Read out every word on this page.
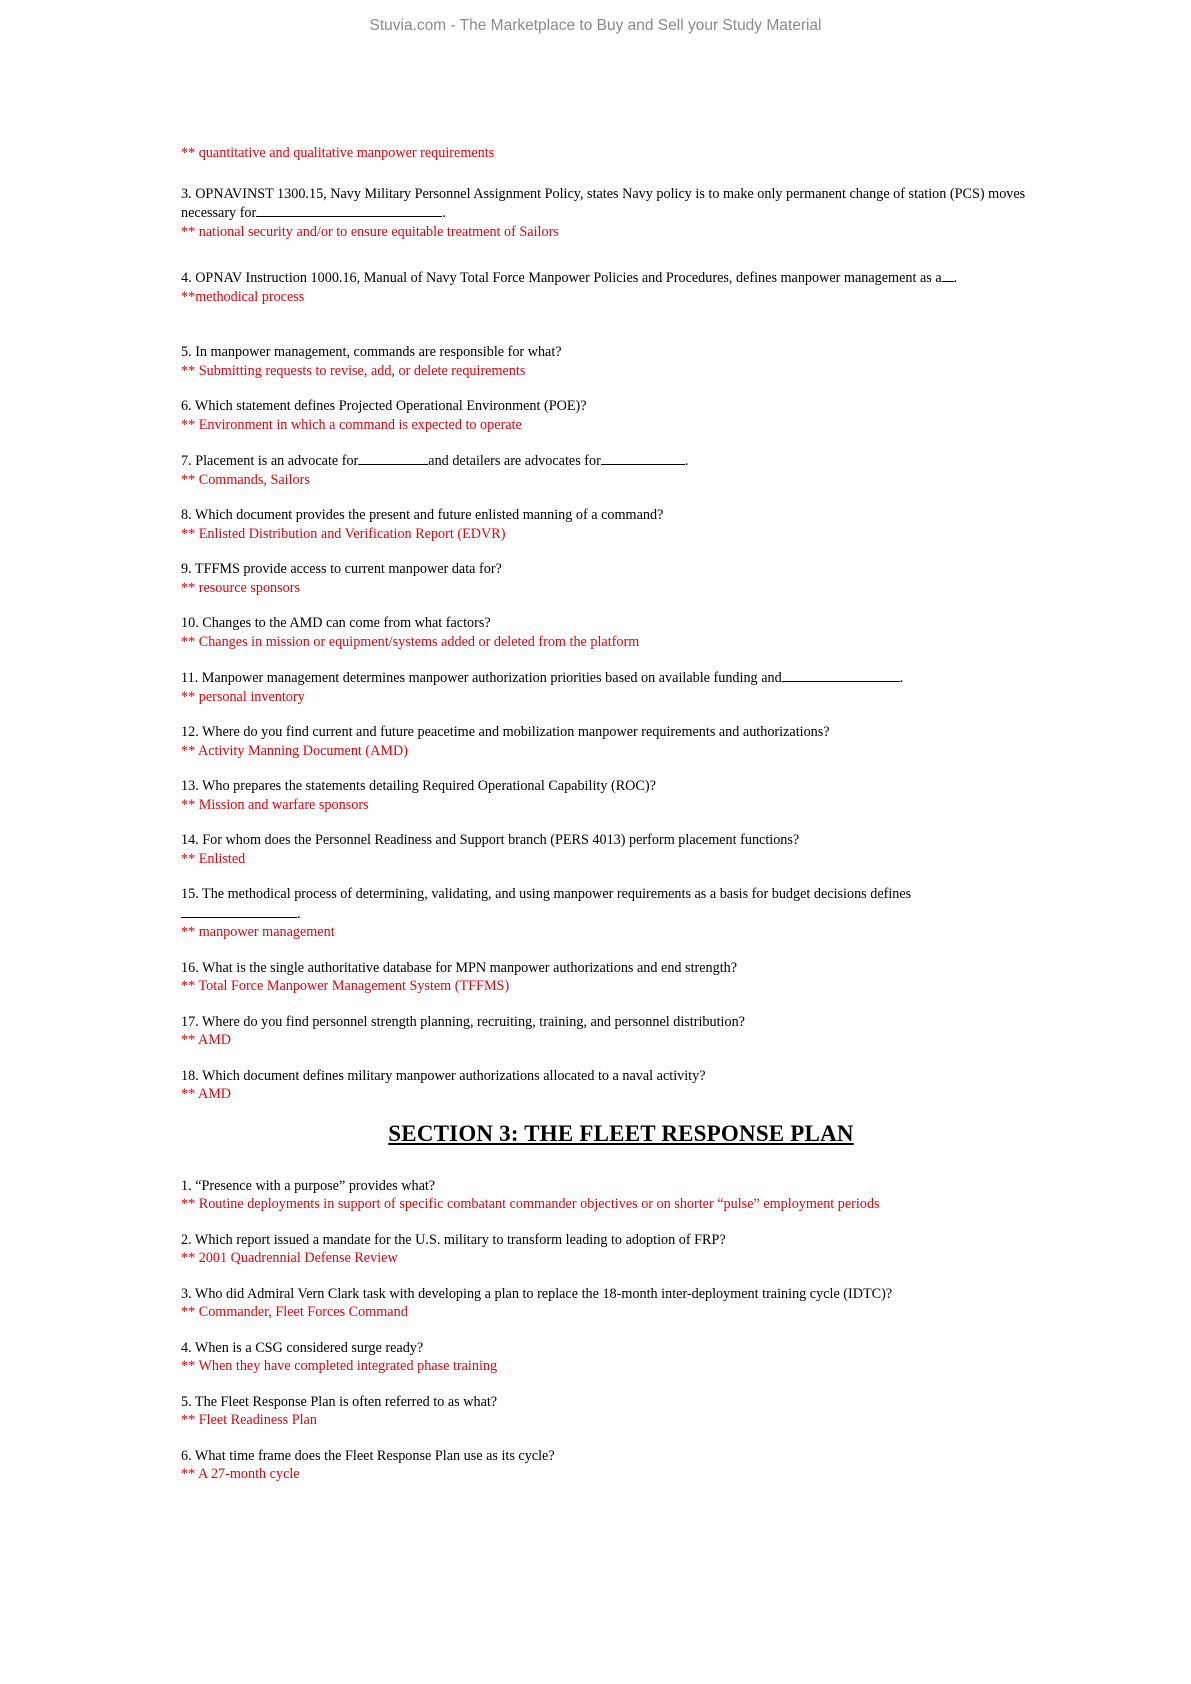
Stuvia.com - The Marketplace to Buy and Sell your Study Material

** quantitative and qualitative manpower requirements

3. OPNAVINST 1300.15, Navy Military Personnel Assignment Policy, states Navy policy is to make only permanent change of station (PCS) moves necessary for	.

** national security and/or to ensure equitable treatment of Sailors

4. OPNAV Instruction 1000.16, Manual of Navy Total Force Manpower Policies and Procedures, defines manpower management as a .

**methodical process

5. In manpower management, commands are responsible for what?

** Submitting requests to revise, add, or delete requirements

6. Which statement defines Projected Operational Environment (POE)?

** Environment in which a command is expected to operate

7. Placement is an advocate for	and detailers are advocates for	.

** Commands, Sailors

8. Which document provides the present and future enlisted manning of a command?

** Enlisted Distribution and Verification Report (EDVR)

9. TFFMS provide access to current manpower data for?

** resource sponsors

10. Changes to the AMD can come from what factors?

** Changes in mission or equipment/systems added or deleted from the platform

11. Manpower management determines manpower authorization priorities based on available funding and	.

** personal inventory

12. Where do you find current and future peacetime and mobilization manpower requirements and authorizations?

** Activity Manning Document (AMD)

13. Who prepares the statements detailing Required Operational Capability (ROC)?

** Mission and warfare sponsors

14. For whom does the Personnel Readiness and Support branch (PERS 4013) perform placement functions?

** Enlisted

15. The methodical process of determining, validating, and using manpower requirements as a basis for budget decisions defines
.

** manpower management

16. What is the single authoritative database for MPN manpower authorizations and end strength?

** Total Force Manpower Management System (TFFMS)

17. Where do you find personnel strength planning, recruiting, training, and personnel distribution?

** AMD

18. Which document defines military manpower authorizations allocated to a naval activity?

** AMD

SECTION 3: THE FLEET RESPONSE PLAN

1. “Presence with a purpose” provides what?

** Routine deployments in support of specific combatant commander objectives or on shorter “pulse” employment periods

2. Which report issued a mandate for the U.S. military to transform leading to adoption of FRP?

** 2001 Quadrennial Defense Review

3. Who did Admiral Vern Clark task with developing a plan to replace the 18-month inter-deployment training cycle (IDTC)?

** Commander, Fleet Forces Command

4. When is a CSG considered surge ready?

** When they have completed integrated phase training

5. The Fleet Response Plan is often referred to as what?

** Fleet Readiness Plan

6. What time frame does the Fleet Response Plan use as its cycle?

** A 27-month cycle
